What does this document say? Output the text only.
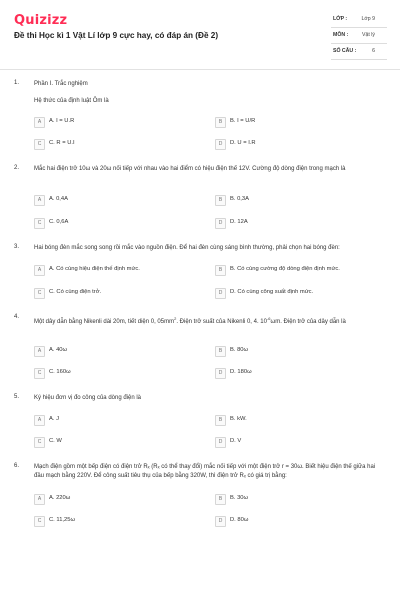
Quizizz
Đề thi Học kì 1 Vật Lí lớp 9 cực hay, có đáp án (Đề 2)
LỚP :	Lớp 9
MÔN :	Vật lý
SỐ CÂU :	6
1. Phần I. Trắc nghiệm
Hệ thức của định luật Ôm là
A	A. I = U.R	B	B. I = U/R
C	C. R = U.I	D	D. U = I.R
2. Mắc hai điện trở 10ω và 20ω nối tiếp với nhau vào hai điểm có hiệu điện thế 12V. Cường độ dòng điện trong mạch là
A	A. 0,4A	B	B. 0,3A
C	C. 0,6A	D	D. 12A
3. Hai bóng đèn mắc song song rồi mắc vào nguồn điện. Để hai đèn cùng sáng bình thường, phải chọn hai bóng đèn:
A	A. Có cùng hiệu điện thế định mức.	B	B. Có cùng cường độ dòng điện định mức.
C	C. Có cùng điện trở.	D	D. Có cùng công suất định mức.
4.
Một dây dẫn bằng Nikenli dài 20m, tiết diện 0, $05mm^2$. Điện trở suất của Nikenli 0, 4. $10^{-6}\omega m$. Điện trở của dây dẫn là
A	A. 40ω	B	B. 80ω
C	C. 160ω	D	D. 180ω
5. Ký hiệu đơn vị đo công của dòng điện là
A	A. J	B	B. kW.
C	C. W	D	D. V
6. Mạch điện gồm một bếp điện có điện trở Rₓ (Rₓ có thể thay đổi) mắc nối tiếp với một điện trở r = 30ω. Biết hiệu điện thế giữa hai đầu mạch bằng 220V. Để công suất tiêu thụ của bếp bằng 320W, thì điện trở Rₓ có giá trị bằng:
A	A. 220ω	B	B. 30ω
C	C. 11,25ω	D	D. 80ω
